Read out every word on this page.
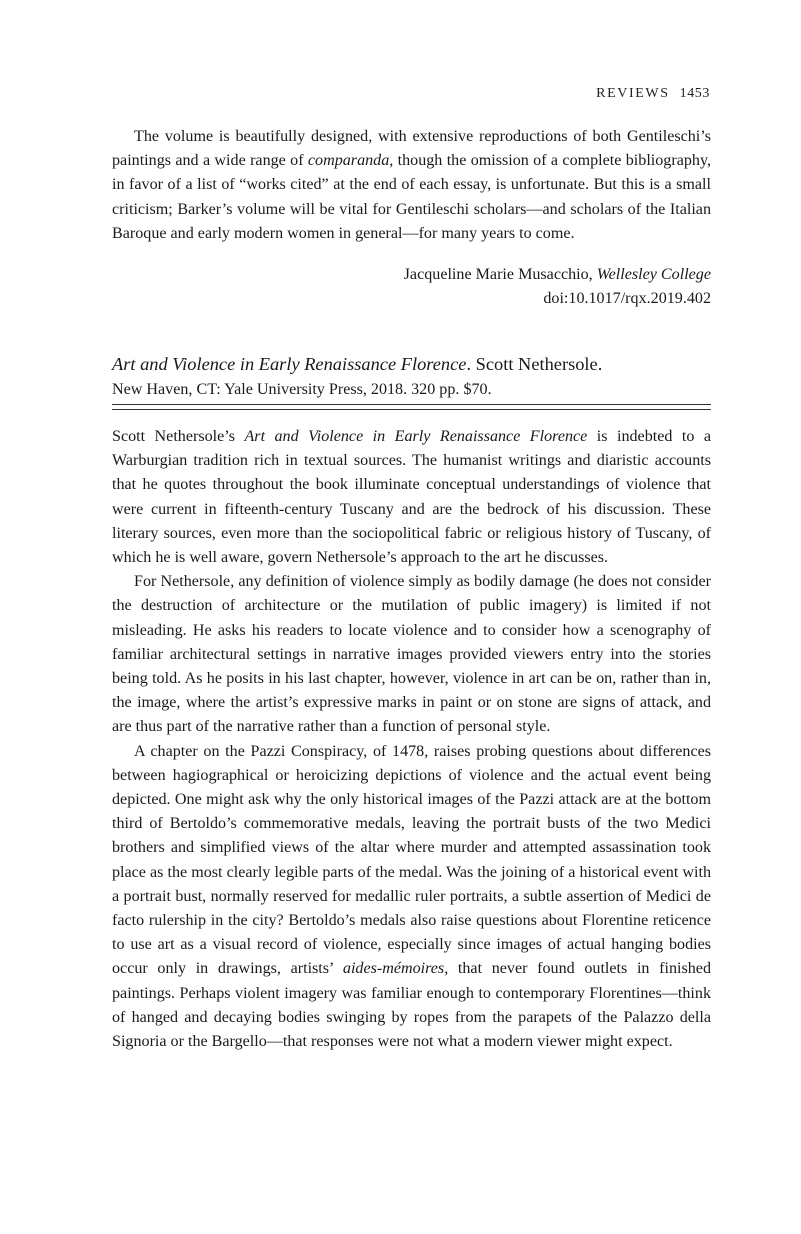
REVIEWS 1453

The volume is beautifully designed, with extensive reproductions of both Gentileschi’s paintings and a wide range of comparanda, though the omission of a complete bibliography, in favor of a list of “works cited” at the end of each essay, is unfortunate. But this is a small criticism; Barker’s volume will be vital for Gentileschi scholars—and scholars of the Italian Baroque and early modern women in general—for many years to come.

Jacqueline Marie Musacchio, Wellesley College
doi:10.1017/rqx.2019.402
Art and Violence in Early Renaissance Florence. Scott Nethersole.
New Haven, CT: Yale University Press, 2018. 320 pp. $70.

Scott Nethersole’s Art and Violence in Early Renaissance Florence is indebted to a Warburgian tradition rich in textual sources. The humanist writings and diaristic accounts that he quotes throughout the book illuminate conceptual understandings of violence that were current in fifteenth-century Tuscany and are the bedrock of his discussion. These literary sources, even more than the sociopolitical fabric or religious history of Tuscany, of which he is well aware, govern Nethersole’s approach to the art he discusses.

For Nethersole, any definition of violence simply as bodily damage (he does not consider the destruction of architecture or the mutilation of public imagery) is limited if not misleading. He asks his readers to locate violence and to consider how a scenography of familiar architectural settings in narrative images provided viewers entry into the stories being told. As he posits in his last chapter, however, violence in art can be on, rather than in, the image, where the artist’s expressive marks in paint or on stone are signs of attack, and are thus part of the narrative rather than a function of personal style.

A chapter on the Pazzi Conspiracy, of 1478, raises probing questions about differences between hagiographical or heroicizing depictions of violence and the actual event being depicted. One might ask why the only historical images of the Pazzi attack are at the bottom third of Bertoldo’s commemorative medals, leaving the portrait busts of the two Medici brothers and simplified views of the altar where murder and attempted assassination took place as the most clearly legible parts of the medal. Was the joining of a historical event with a portrait bust, normally reserved for medallic ruler portraits, a subtle assertion of Medici de facto rulership in the city? Bertoldo’s medals also raise questions about Florentine reticence to use art as a visual record of violence, especially since images of actual hanging bodies occur only in drawings, artists’ aides-mémoires, that never found outlets in finished paintings. Perhaps violent imagery was familiar enough to contemporary Florentines—think of hanged and decaying bodies swinging by ropes from the parapets of the Palazzo della Signoria or the Bargello—that responses were not what a modern viewer might expect.
